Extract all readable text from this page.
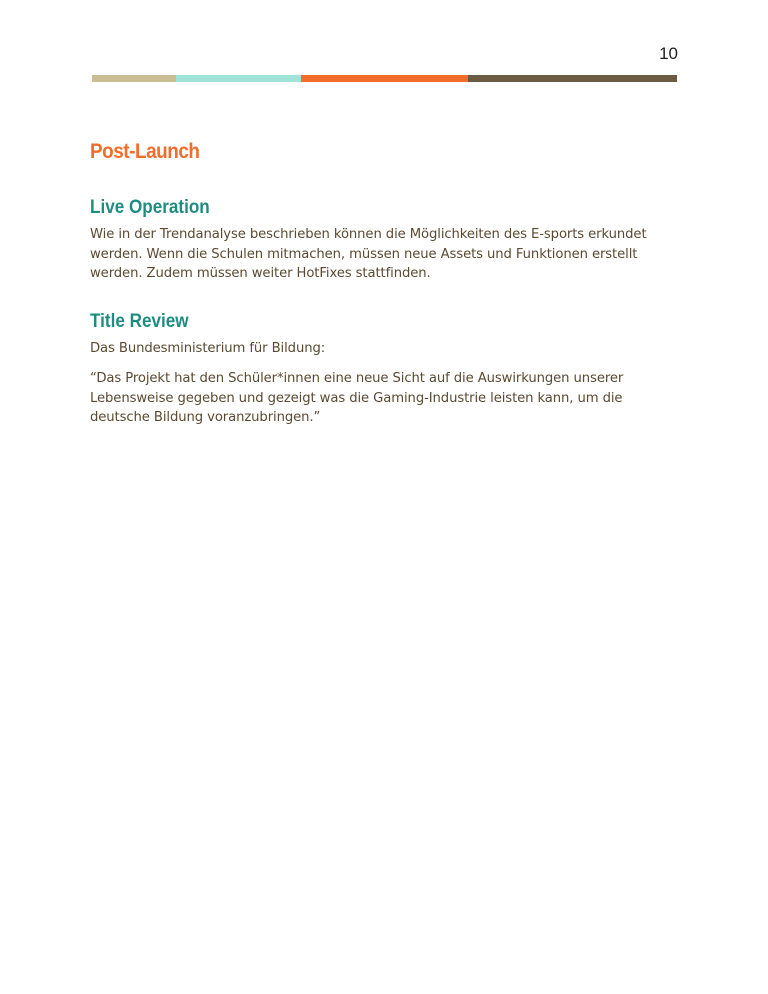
10
Post-Launch
Live Operation

Wie in der Trendanalyse beschrieben können die Möglichkeiten des E-sports erkundet werden. Wenn die Schulen mitmachen, müssen neue Assets und Funktionen erstellt werden. Zudem müssen weiter HotFixes stattfinden.

Title Review

Das Bundesministerium für Bildung:

“Das Projekt hat den Schüler*innen eine neue Sicht auf die Auswirkungen unserer Lebensweise gegeben und gezeigt was die Gaming-Industrie leisten kann, um die deutsche Bildung voranzubringen.”
